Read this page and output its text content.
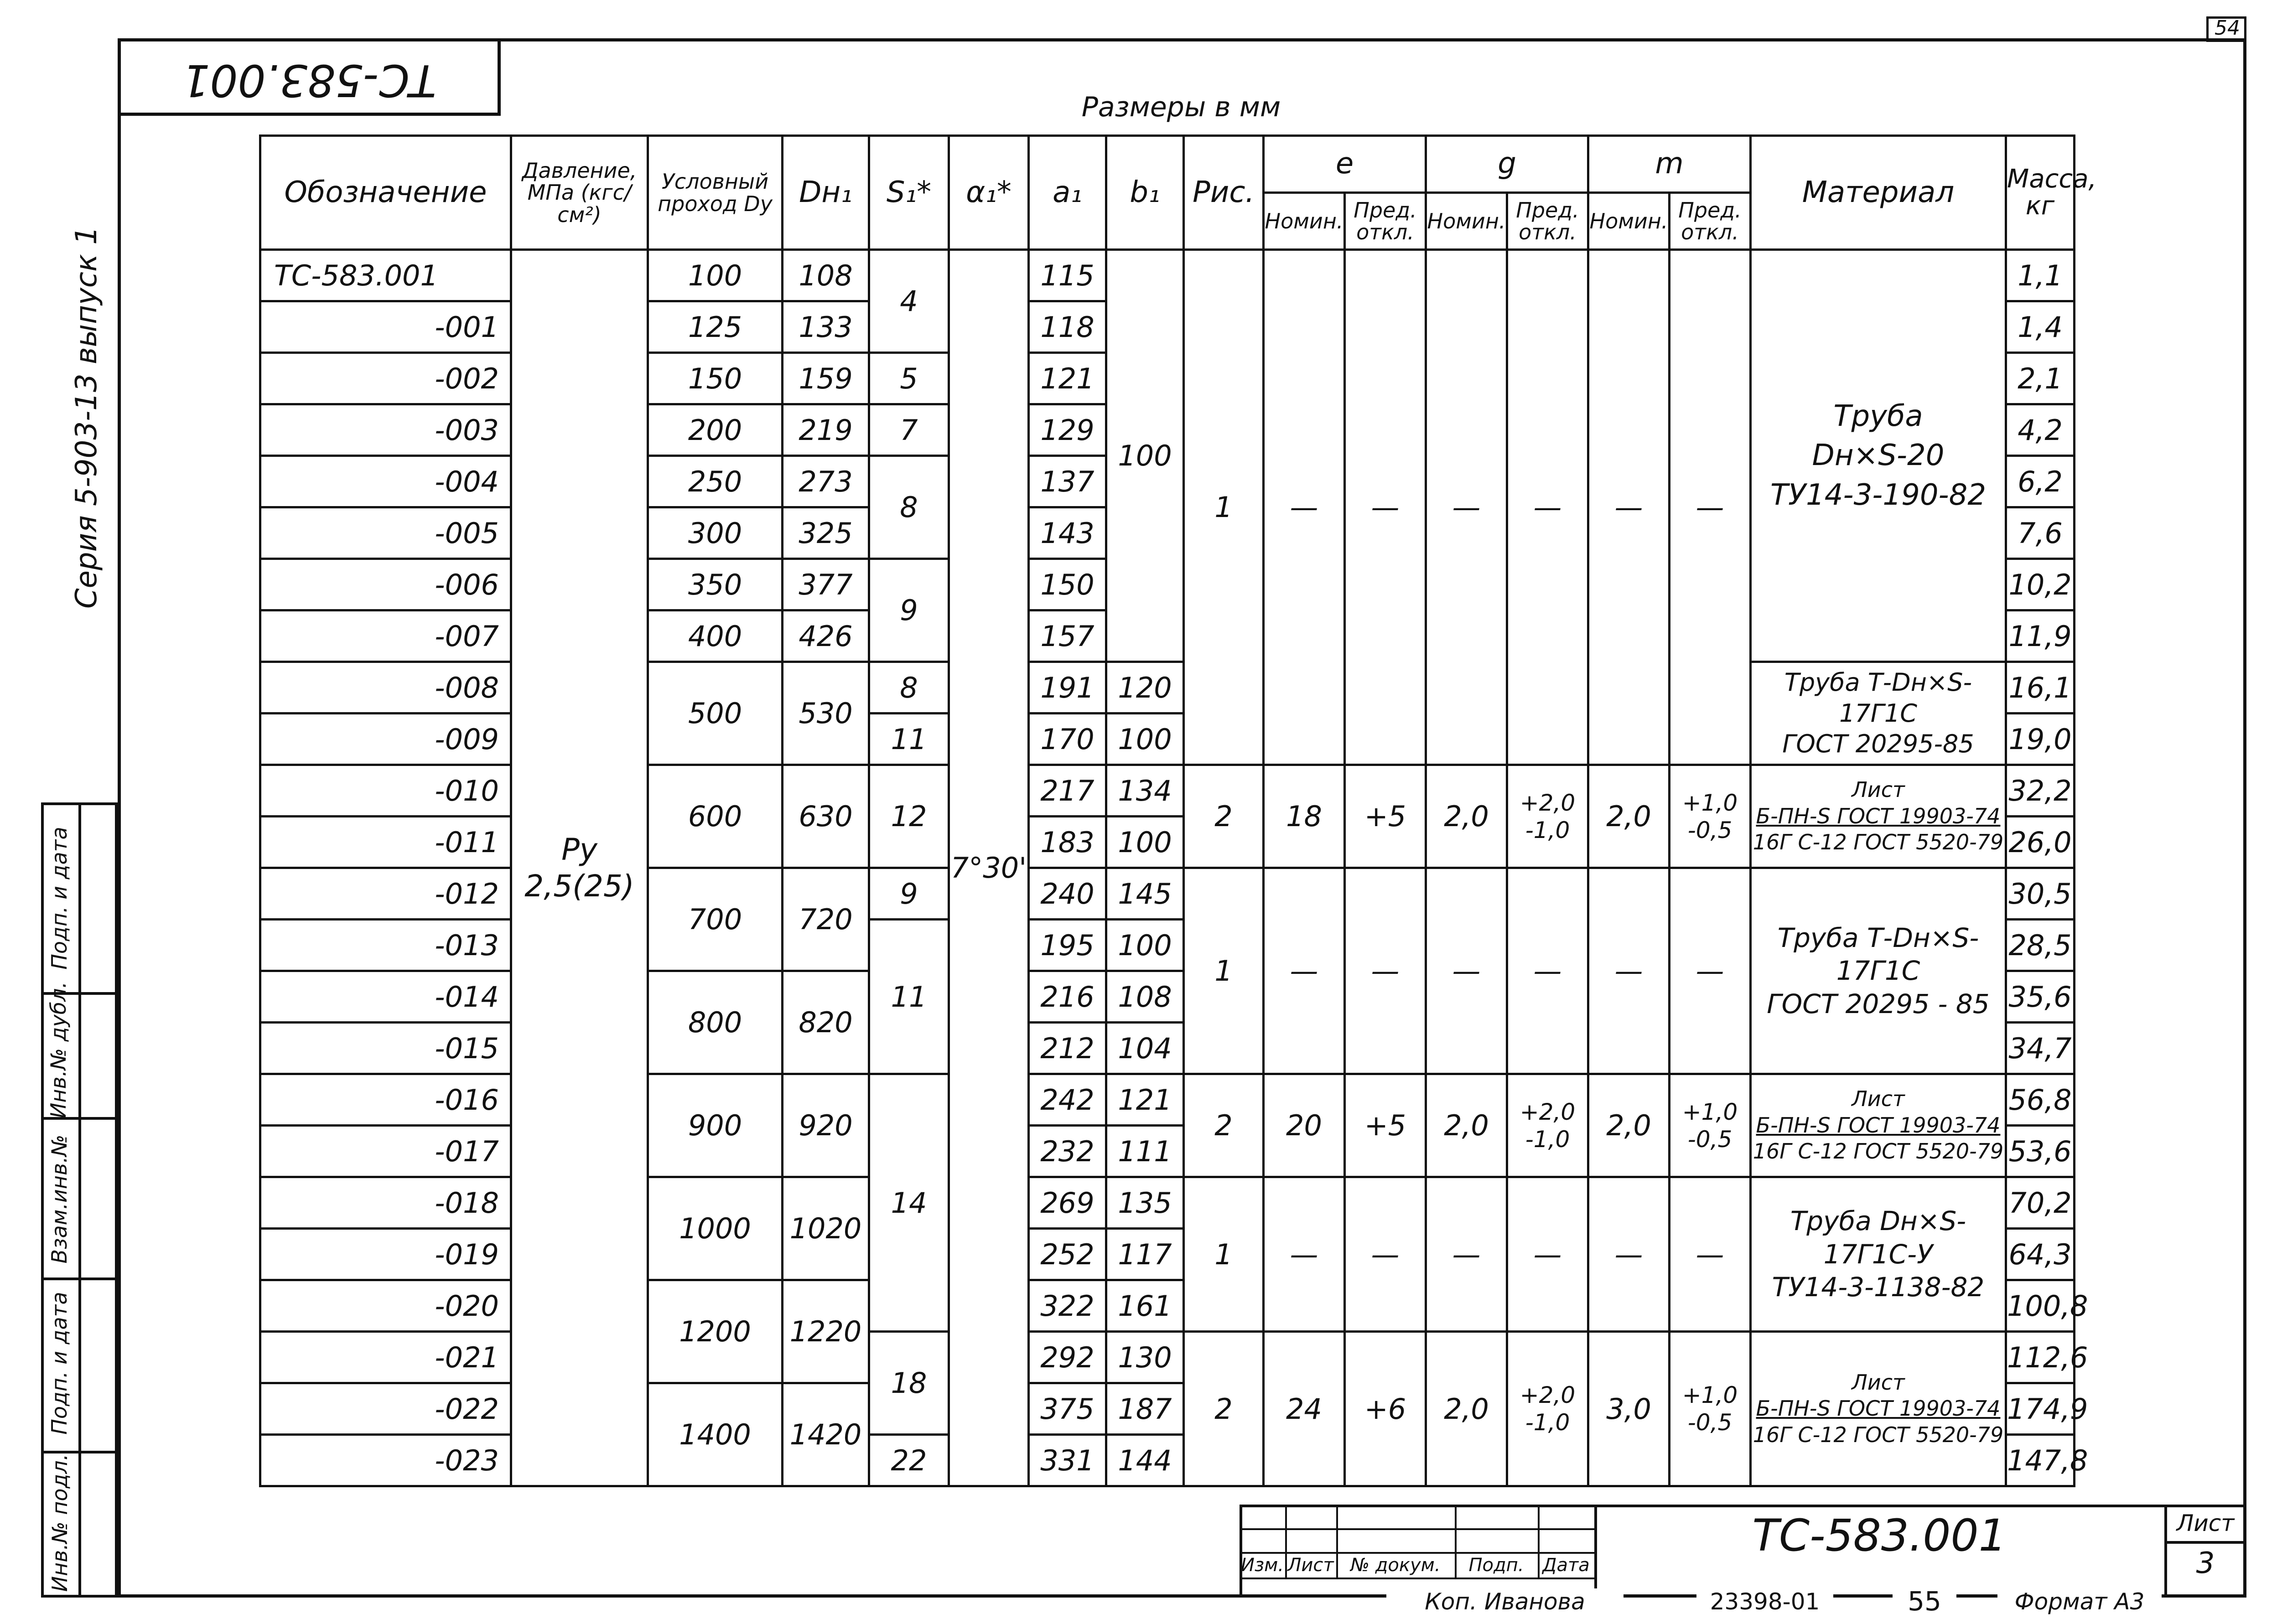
54
ТС-583.001
Серия 5-903-13 выпуск 1
Инв.№ подл.
Подп. и дата
Взам.инв.№
Инв.№ дубл.
Подп. и дата
Размеры в мм
Обозначение	Давление, МПа (кгс/см²)	Условный проход Dy	Dн₁	S₁*	α₁*	a₁	b₁	Рис.	e		g		m		Материал	Масса, кг
									Номин.	Пред. откл.	Номин.	Пред. откл.	Номин.	Пред. откл.		
ТС-583.001	Py 2,5(25)	100	108	4	7°30'	115	100	1	—	—	—	—	—	—	Труба
Dн×S-20
ТУ14-3-190-82	1,1
-001		125	133			118										1,4
-002		150	159	5		121										2,1
-003		200	219	7		129										4,2
-004		250	273	8		137										6,2
-005		300	325			143										7,6
-006		350	377	9		150										10,2
-007		400	426			157										11,9
-008		500	530	8		191	120								Труба Т-Dн×S-17Г1С
ГОСТ 20295-85	16,1
-009				11		170	100									19,0
-010		600	630	12		217	134	2	18	+5	2,0	+2,0 -1,0	2,0	+1,0 -0,5	Лист
Б-ПН-S ГОСТ 19903-74
16Г С-12 ГОСТ 5520-79	32,2
-011						183	100									26,0
-012		700	720	9		240	145	1	—	—	—	—	—	—	Труба Т-Dн×S-17Г1С
ГОСТ 20295 - 85	30,5
-013				11		195	100									28,5
-014		800	820			216	108									35,6
-015						212	104									34,7
-016		900	920	14		242	121	2	20	+5	2,0	+2,0 -1,0	2,0	+1,0 -0,5	Лист
Б-ПН-S ГОСТ 19903-74
16Г С-12 ГОСТ 5520-79	56,8
-017						232	111									53,6
-018		1000	1020			269	135	1	—	—	—	—	—	—	Труба Dн×S-17Г1С-У
ТУ14-3-1138-82	70,2
-019						252	117									64,3
-020		1200	1220			322	161									100,8
-021				18		292	130	2	24	+6	2,0	+2,0 -1,0	3,0	+1,0 -0,5	Лист
Б-ПН-S ГОСТ 19903-74
16Г С-12 ГОСТ 5520-79	112,6
-022		1400	1420			375	187									174,9
-023				22		331	144									147,8
Изм. Лист № докум.	Подп.	Дата
ТС-583.001	Лист
3
Коп. Иванова	23398-01	55	Формат А3
